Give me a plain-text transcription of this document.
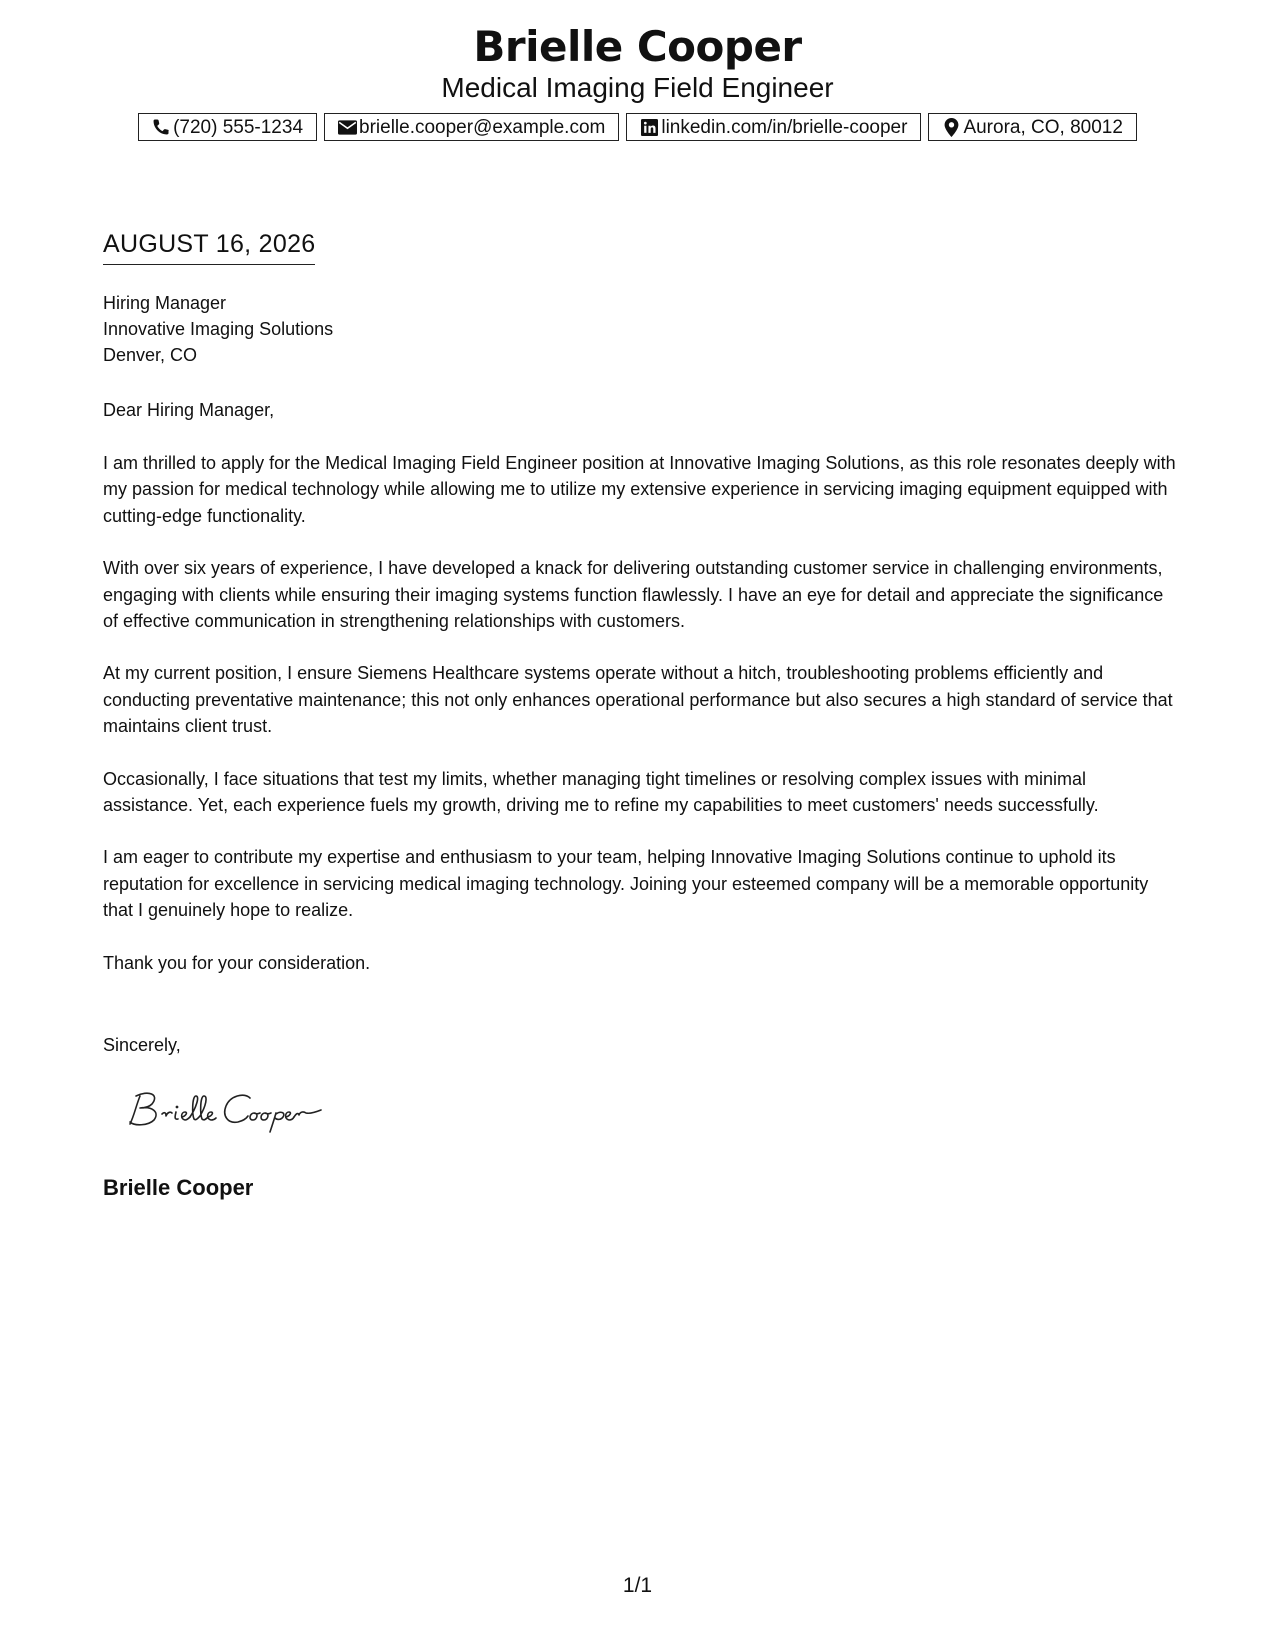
Brielle Cooper
Medical Imaging Field Engineer
(720) 555-1234	brielle.cooper@example.com	linkedin.com/in/brielle-cooper	Aurora, CO, 80012
AUGUST 16, 2026
Hiring Manager
Innovative Imaging Solutions
Denver, CO
Dear Hiring Manager,

I am thrilled to apply for the Medical Imaging Field Engineer position at Innovative Imaging Solutions, as this role resonates deeply with my passion for medical technology while allowing me to utilize my extensive experience in servicing imaging equipment equipped with cutting-edge functionality.

With over six years of experience, I have developed a knack for delivering outstanding customer service in challenging environments, engaging with clients while ensuring their imaging systems function flawlessly. I have an eye for detail and appreciate the significance of effective communication in strengthening relationships with customers.

At my current position, I ensure Siemens Healthcare systems operate without a hitch, troubleshooting problems efficiently and conducting preventative maintenance; this not only enhances operational performance but also secures a high standard of service that maintains client trust.

Occasionally, I face situations that test my limits, whether managing tight timelines or resolving complex issues with minimal assistance. Yet, each experience fuels my growth, driving me to refine my capabilities to meet customers' needs successfully.

I am eager to contribute my expertise and enthusiasm to your team, helping Innovative Imaging Solutions continue to uphold its reputation for excellence in servicing medical imaging technology. Joining your esteemed company will be a memorable opportunity that I genuinely hope to realize.

Thank you for your consideration.

Sincerely,
Brielle Cooper
1/1
